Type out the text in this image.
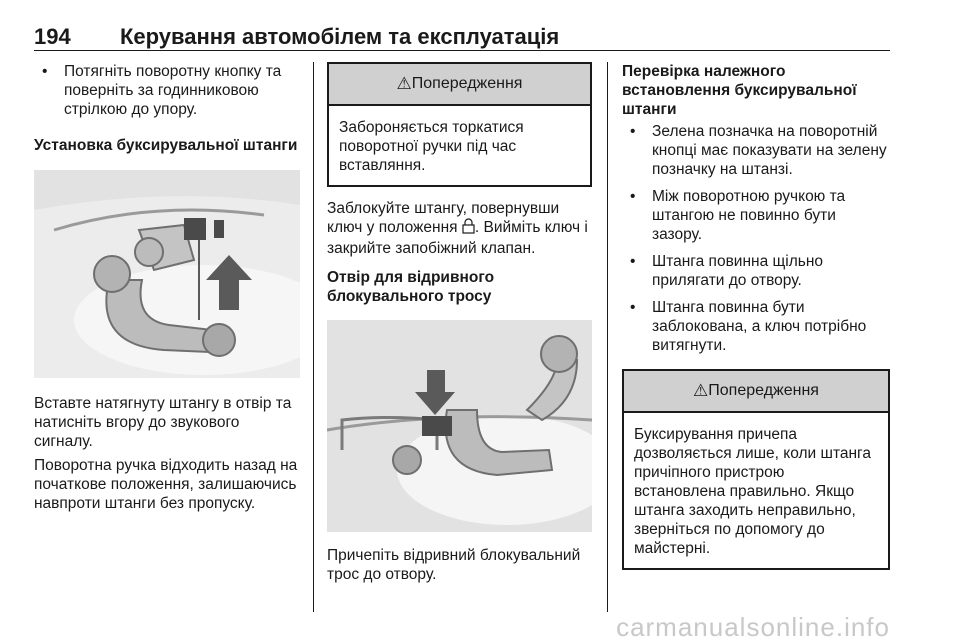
194 Керування автомобілем та експлуатація
• Потягніть поворотну кнопку та поверніть за годинниковою стрілкою до упору.

Установка буксирувальної штанги

Вставте натягнуту штангу в отвір та натисніть вгору до звукового сигналу.

Поворотна ручка відходить назад на початкове положення, залишаючись навпроти штанги без пропуску.

⚠ Попередження
Забороняється торкатися поворотної ручки під час вставляння.

Заблокуйте штангу, повернувши ключ у положення . Вийміть ключ і закрийте запобіжний клапан.

Отвір для відривного блокувального тросу

Причепіть відривний блокувальний трос до отвору.

Перевірка належного встановлення буксирувальної штанги

• Зелена позначка на поворотній кнопці має показувати на зелену позначку на штанзі.
• Між поворотною ручкою та штангою не повинно бути зазору.
• Штанга повинна щільно прилягати до отвору.
• Штанга повинна бути заблокована, а ключ потрібно витягнути.
⚠ Попередження
Буксирування причепа дозволяється лише, коли штанга причіпного пристрою встановлена правильно. Якщо штанга заходить неправильно, зверніться по допомогу до майстерні.
carmanualsonline.info
